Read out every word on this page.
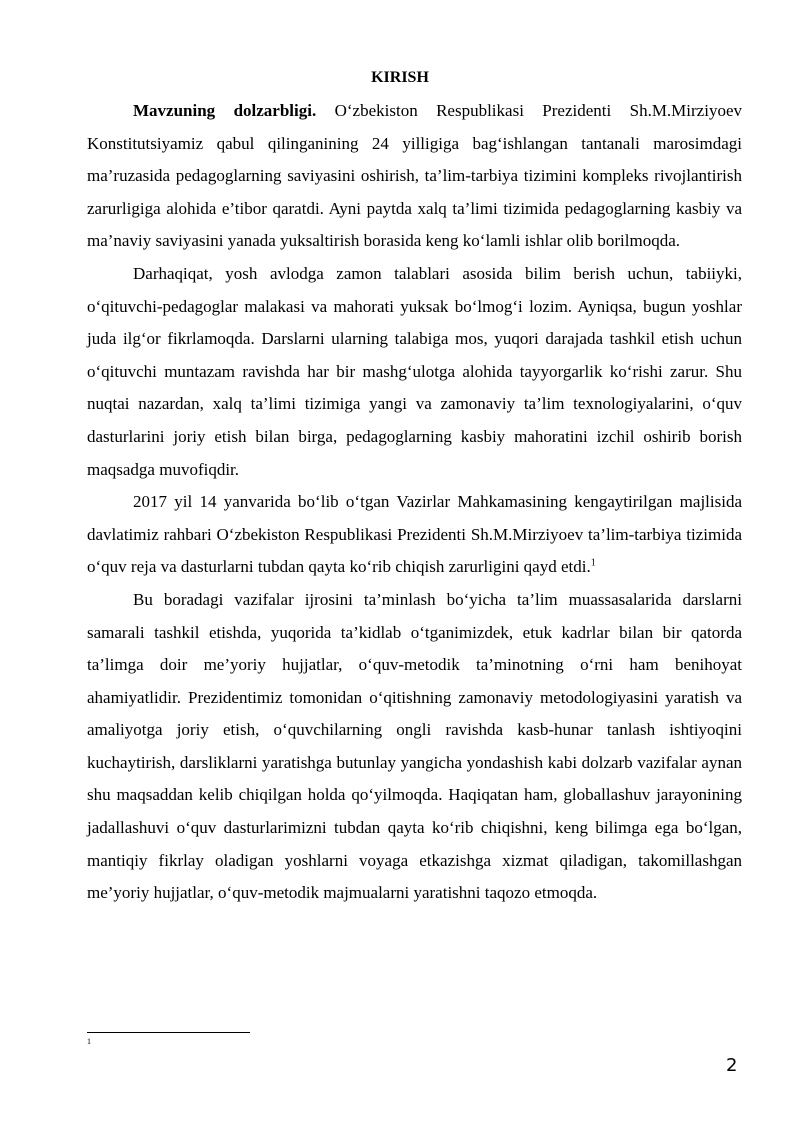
KIRISH

Mavzuning dolzarbligi. O‘zbekiston Respublikasi Prezidenti Sh.M.Mirziyoev Konstitutsiyamiz qabul qilinganining 24 yilligiga bag‘ishlangan tantanali marosimdagi ma’ruzasida pedagoglarning saviyasini oshirish, ta’lim-tarbiya tizimini kompleks rivojlantirish zarurligiga alohida e’tibor qaratdi. Ayni paytda xalq ta’limi tizimida pedagoglarning kasbiy va ma’naviy saviyasini yanada yuksaltirish borasida keng ko‘lamli ishlar olib borilmoqda.

Darhaqiqat, yosh avlodga zamon talablari asosida bilim berish uchun, tabiiyki, o‘qituvchi-pedagoglar malakasi va mahorati yuksak bo‘lmog‘i lozim. Ayniqsa, bugun yoshlar juda ilg‘or fikrlamoqda. Darslarni ularning talabiga mos, yuqori darajada tashkil etish uchun o‘qituvchi muntazam ravishda har bir mashg‘ulotga alohida tayyorgarlik ko‘rishi zarur. Shu nuqtai nazardan, xalq ta’limi tizimiga yangi va zamonaviy ta’lim texnologiyalarini, o‘quv dasturlarini joriy etish bilan birga, pedagoglarning kasbiy mahoratini izchil oshirib borish maqsadga muvofiqdir.

2017 yil 14 yanvarida bo‘lib o‘tgan Vazirlar Mahkamasining kengaytirilgan majlisida davlatimiz rahbari O‘zbekiston Respublikasi Prezidenti Sh.M.Mirziyoev ta’lim-tarbiya tizimida o‘quv reja va dasturlarni tubdan qayta ko‘rib chiqish zarurligini qayd etdi.$^1$

Bu boradagi vazifalar ijrosini ta’minlash bo‘yicha ta’lim muassasalarida darslarni samarali tashkil etishda, yuqorida ta’kidlab o‘tganimizdek, etuk kadrlar bilan bir qatorda ta’limga doir me’yoriy hujjatlar, o‘quv-metodik ta’minotning o‘rni ham benihoyat ahamiyatlidir. Prezidentimiz tomonidan o‘qitishning zamonaviy metodologiyasini yaratish va amaliyotga joriy etish, o‘quvchilarning ongli ravishda kasb-hunar tanlash ishtiyoqini kuchaytirish, darsliklarni yaratishga butunlay yangicha yondashish kabi dolzarb vazifalar aynan shu maqsaddan kelib chiqilgan holda qo‘yilmoqda. Haqiqatan ham, globallashuv jarayonining jadallashuvi o‘quv dasturlarimizni tubdan qayta ko‘rib chiqishni, keng bilimga ega bo‘lgan, mantiqiy fikrlay oladigan yoshlarni voyaga etkazishga xizmat qiladigan, takomillashgan me’yoriy hujjatlar, o‘quv-metodik majmualarni yaratishni taqozo etmoqda.

1
2
